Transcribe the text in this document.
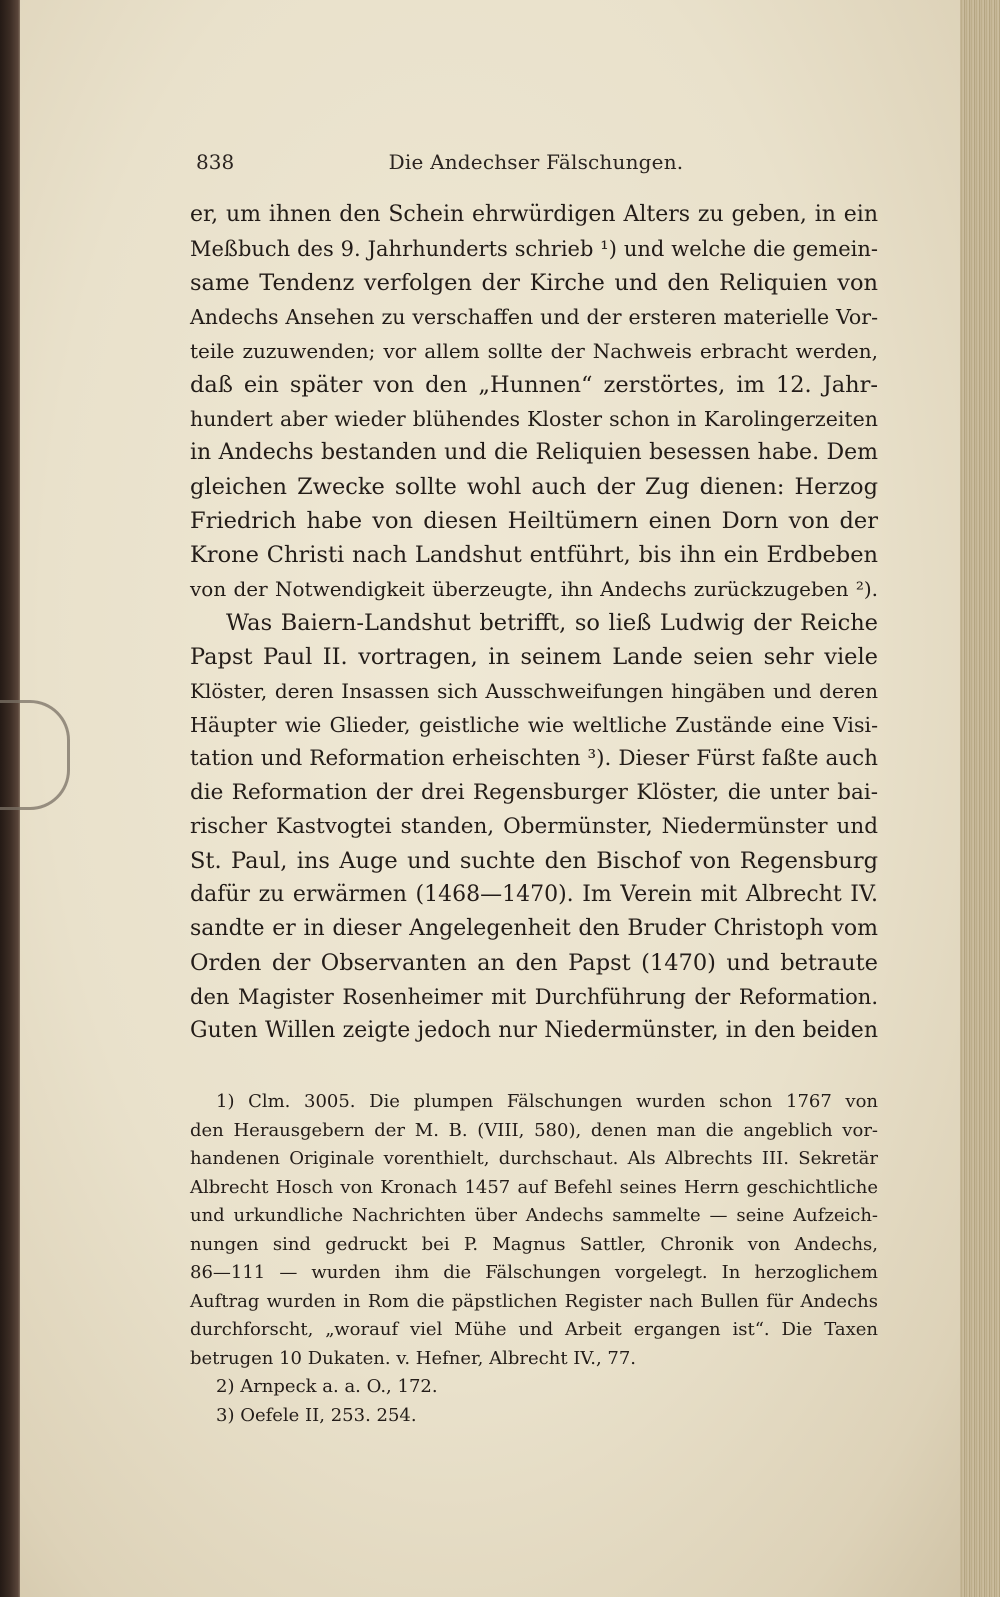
838	Die Andechser Fälschungen.
er, um ihnen den Schein ehrwürdigen Alters zu geben, in ein
Meßbuch des 9. Jahrhunderts schrieb ¹) und welche die gemein-
same Tendenz verfolgen der Kirche und den Reliquien von
Andechs Ansehen zu verschaffen und der ersteren materielle Vor-
teile zuzuwenden; vor allem sollte der Nachweis erbracht werden,
daß ein später von den „Hunnen“ zerstörtes, im 12. Jahr-
hundert aber wieder blühendes Kloster schon in Karolingerzeiten
in Andechs bestanden und die Reliquien besessen habe. Dem
gleichen Zwecke sollte wohl auch der Zug dienen: Herzog
Friedrich habe von diesen Heiltümern einen Dorn von der
Krone Christi nach Landshut entführt, bis ihn ein Erdbeben
von der Notwendigkeit überzeugte, ihn Andechs zurückzugeben ²).
Was Baiern-Landshut betrifft, so ließ Ludwig der Reiche
Papst Paul II. vortragen, in seinem Lande seien sehr viele
Klöster, deren Insassen sich Ausschweifungen hingäben und deren
Häupter wie Glieder, geistliche wie weltliche Zustände eine Visi-
tation und Reformation erheischten ³). Dieser Fürst faßte auch
die Reformation der drei Regensburger Klöster, die unter bai-
rischer Kastvogtei standen, Obermünster, Niedermünster und
St. Paul, ins Auge und suchte den Bischof von Regensburg
dafür zu erwärmen (1468—1470). Im Verein mit Albrecht IV.
sandte er in dieser Angelegenheit den Bruder Christoph vom
Orden der Observanten an den Papst (1470) und betraute
den Magister Rosenheimer mit Durchführung der Reformation.
Guten Willen zeigte jedoch nur Niedermünster, in den beiden
1) Clm. 3005. Die plumpen Fälschungen wurden schon 1767 von
den Herausgebern der M. B. (VIII, 580), denen man die angeblich vor-
handenen Originale vorenthielt, durchschaut. Als Albrechts III. Sekretär
Albrecht Hosch von Kronach 1457 auf Befehl seines Herrn geschichtliche
und urkundliche Nachrichten über Andechs sammelte — seine Aufzeich-
nungen sind gedruckt bei P. Magnus Sattler, Chronik von Andechs,
86—111 — wurden ihm die Fälschungen vorgelegt. In herzoglichem
Auftrag wurden in Rom die päpstlichen Register nach Bullen für Andechs
durchforscht, „worauf viel Mühe und Arbeit ergangen ist“. Die Taxen
betrugen 10 Dukaten. v. Hefner, Albrecht IV., 77.
2) Arnpeck a. a. O., 172.
3) Oefele II, 253. 254.
